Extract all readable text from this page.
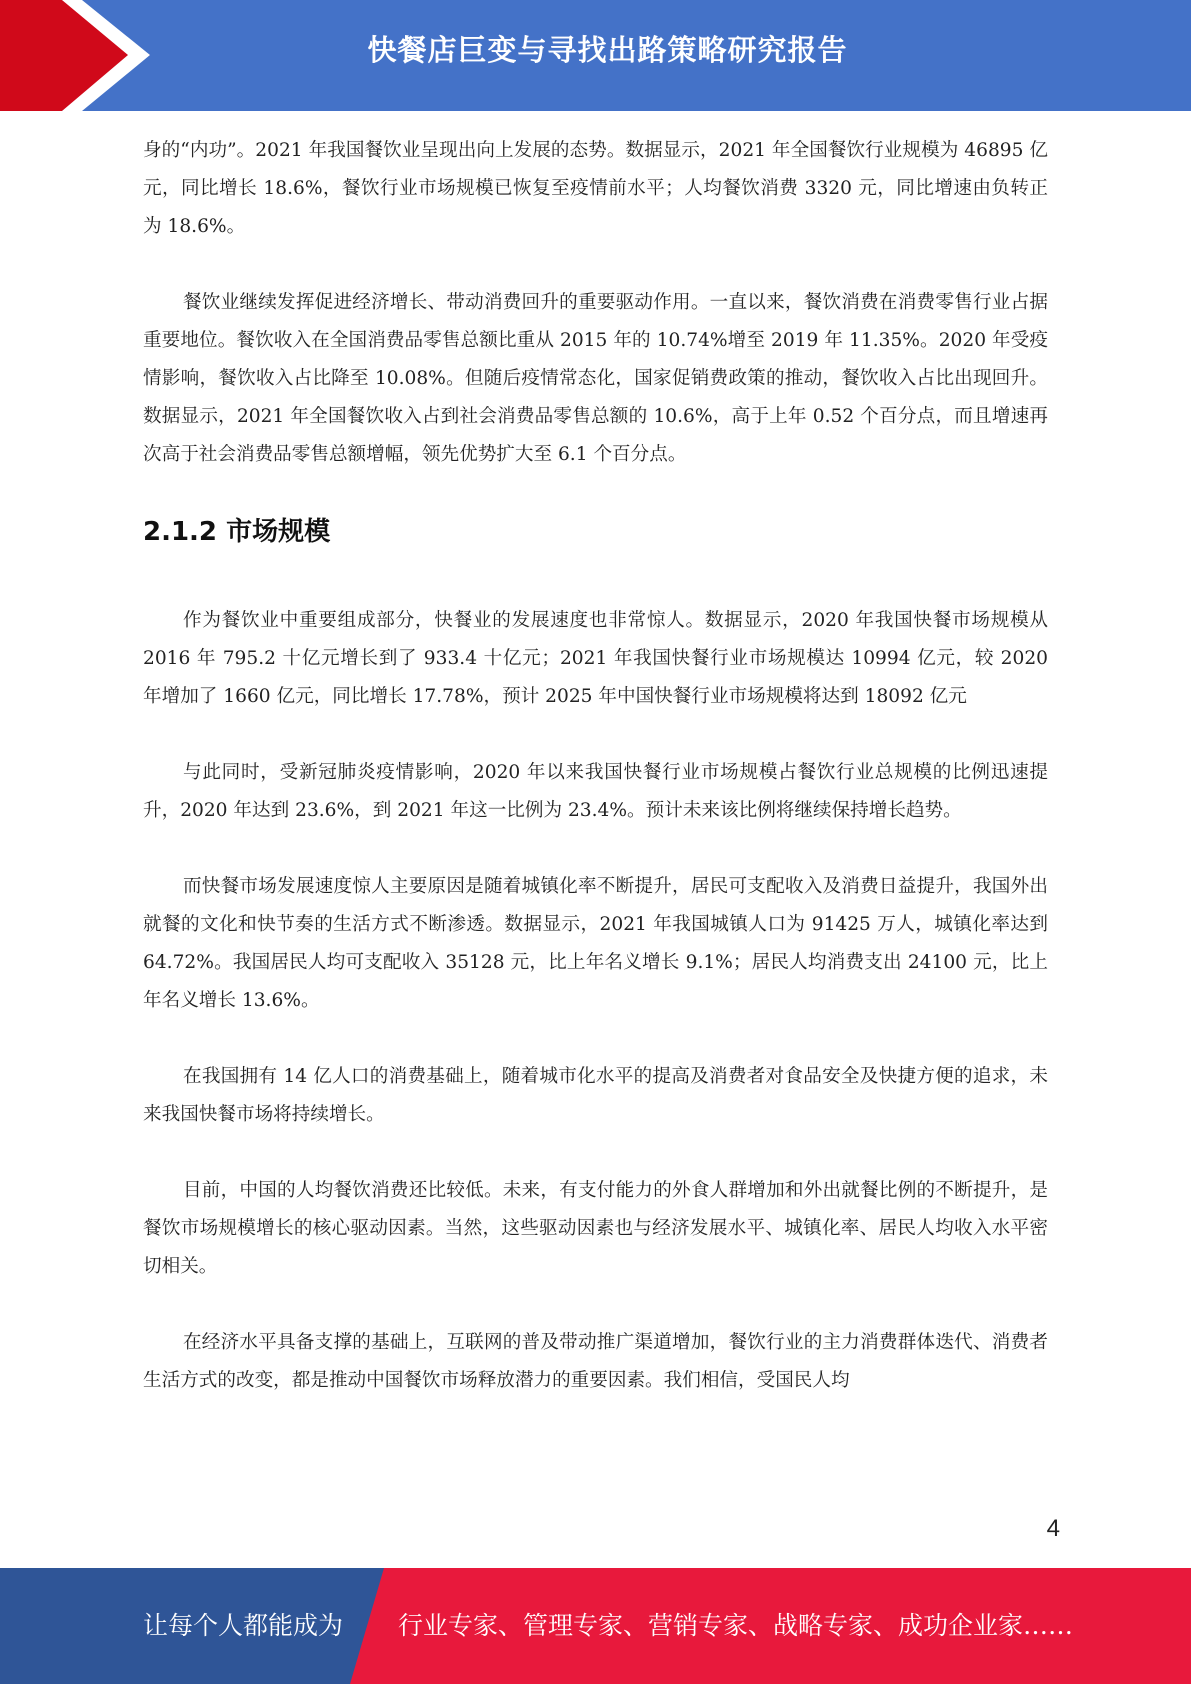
快餐店巨变与寻找出路策略研究报告

身的“内功”。2021 年我国餐饮业呈现出向上发展的态势。数据显示，2021 年全国餐饮行业规模为 46895 亿元，同比增长 18.6%，餐饮行业市场规模已恢复至疫情前水平；人均餐饮消费 3320 元，同比增速由负转正为 18.6%。

餐饮业继续发挥促进经济增长、带动消费回升的重要驱动作用。一直以来，餐饮消费在消费零售行业占据重要地位。餐饮收入在全国消费品零售总额比重从 2015 年的 10.74%增至 2019 年 11.35%。2020 年受疫情影响，餐饮收入占比降至 10.08%。但随后疫情常态化，国家促销费政策的推动，餐饮收入占比出现回升。数据显示，2021 年全国餐饮收入占到社会消费品零售总额的 10.6%，高于上年 0.52 个百分点，而且增速再次高于社会消费品零售总额增幅，领先优势扩大至 6.1 个百分点。

2.1.2 市场规模

作为餐饮业中重要组成部分，快餐业的发展速度也非常惊人。数据显示，2020 年我国快餐市场规模从 2016 年 795.2 十亿元增长到了 933.4 十亿元；2021 年我国快餐行业市场规模达 10994 亿元，较 2020 年增加了 1660 亿元，同比增长 17.78%，预计 2025 年中国快餐行业市场规模将达到 18092 亿元

与此同时，受新冠肺炎疫情影响，2020 年以来我国快餐行业市场规模占餐饮行业总规模的比例迅速提升，2020 年达到 23.6%，到 2021 年这一比例为 23.4%。预计未来该比例将继续保持增长趋势。

而快餐市场发展速度惊人主要原因是随着城镇化率不断提升，居民可支配收入及消费日益提升，我国外出就餐的文化和快节奏的生活方式不断渗透。数据显示，2021 年我国城镇人口为 91425 万人，城镇化率达到 64.72%。我国居民人均可支配收入 35128 元，比上年名义增长 9.1%；居民人均消费支出 24100 元，比上年名义增长 13.6%。

在我国拥有 14 亿人口的消费基础上，随着城市化水平的提高及消费者对食品安全及快捷方便的追求，未来我国快餐市场将持续增长。

目前，中国的人均餐饮消费还比较低。未来，有支付能力的外食人群增加和外出就餐比例的不断提升，是餐饮市场规模增长的核心驱动因素。当然，这些驱动因素也与经济发展水平、城镇化率、居民人均收入水平密切相关。

在经济水平具备支撑的基础上，互联网的普及带动推广渠道增加，餐饮行业的主力消费群体迭代、消费者生活方式的改变，都是推动中国餐饮市场释放潜力的重要因素。我们相信，受国民人均

4
让每个人都能成为 行业专家、管理专家、营销专家、战略专家、成功企业家……
